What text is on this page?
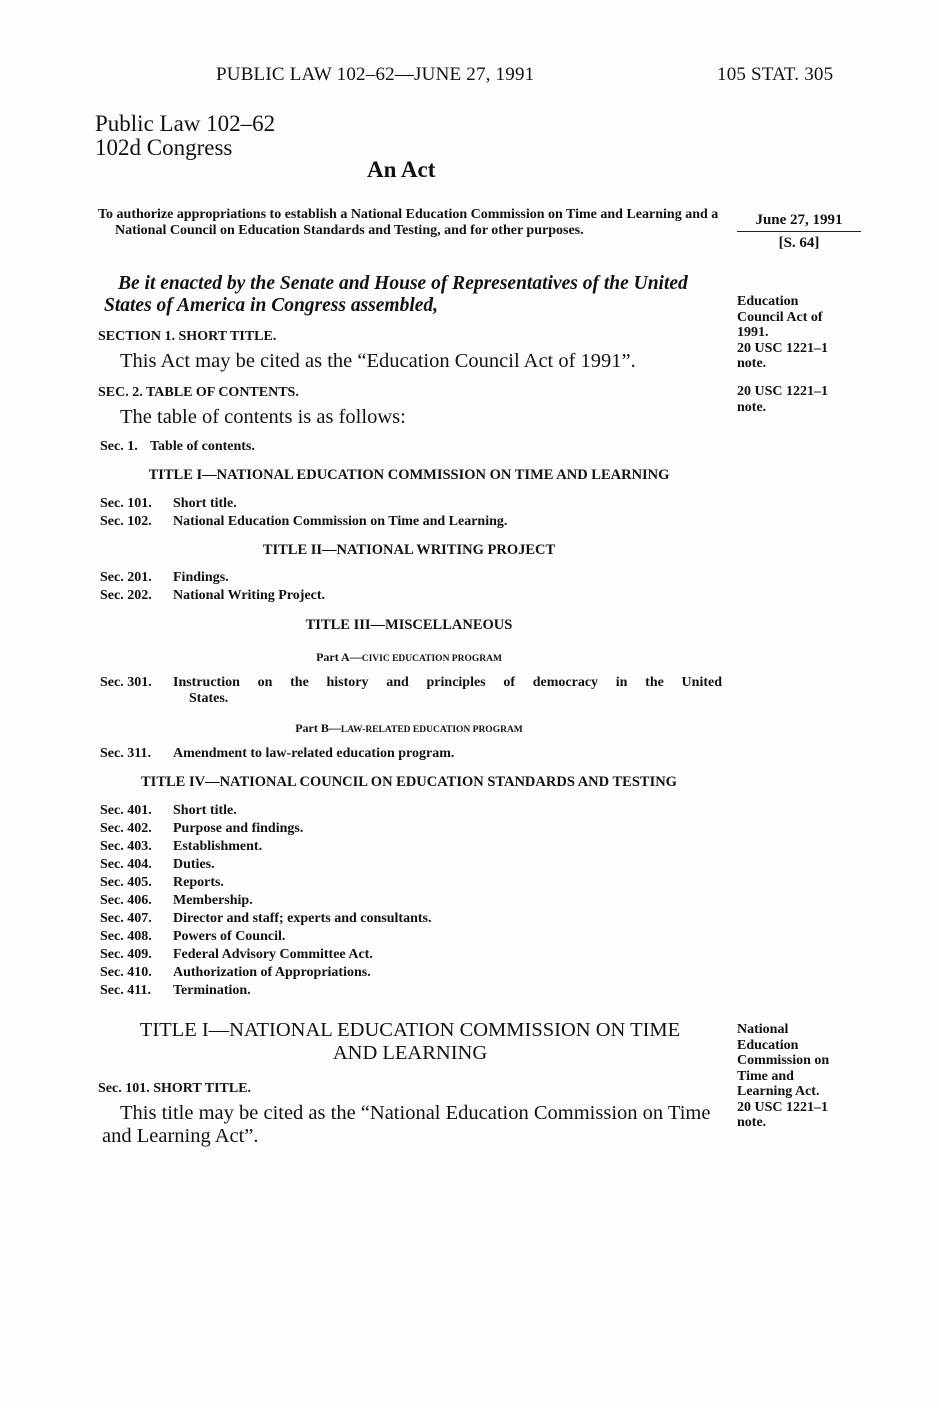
PUBLIC LAW 102–62—JUNE 27, 1991	105 STAT. 305
Public Law 102–62
102d Congress
An Act
To authorize appropriations to establish a National Education Commission on Time and Learning and a National Council on Education Standards and Testing, and for other purposes.
June 27, 1991
[S. 64]
Be it enacted by the Senate and House of Representatives of the United States of America in Congress assembled,
SECTION 1. SHORT TITLE.
This Act may be cited as the “Education Council Act of 1991”.
Education
Council Act of
1991.
20 USC 1221–1
note.
SEC. 2. TABLE OF CONTENTS.
The table of contents is as follows:
20 USC 1221–1
note.
Sec. 1. Table of contents.
TITLE I—NATIONAL EDUCATION COMMISSION ON TIME AND LEARNING
Sec. 101.	Short title.
Sec. 102.	National Education Commission on Time and Learning.
TITLE II—NATIONAL WRITING PROJECT
Sec. 201.	Findings.
Sec. 202.	National Writing Project.
TITLE III—MISCELLANEOUS
Part A—CIVIC EDUCATION PROGRAM
Sec. 301.	Instruction on the history and principles of democracy in the United
States.
Part B—LAW-RELATED EDUCATION PROGRAM
Sec. 311.	Amendment to law-related education program.
TITLE IV—NATIONAL COUNCIL ON EDUCATION STANDARDS AND TESTING
Sec. 401.	Short title.
Sec. 402.	Purpose and findings.
Sec. 403.	Establishment.
Sec. 404.	Duties.
Sec. 405.	Reports.
Sec. 406.	Membership.
Sec. 407.	Director and staff; experts and consultants.
Sec. 408.	Powers of Council.
Sec. 409.	Federal Advisory Committee Act.
Sec. 410.	Authorization of Appropriations.
Sec. 411.	Termination.
TITLE I—NATIONAL EDUCATION COMMISSION ON TIME
AND LEARNING
National
Education
Commission on
Time and
Learning Act.
20 USC 1221–1
note.
Sec. 101. SHORT TITLE.
This title may be cited as the “National Education Commission on Time and Learning Act”.
